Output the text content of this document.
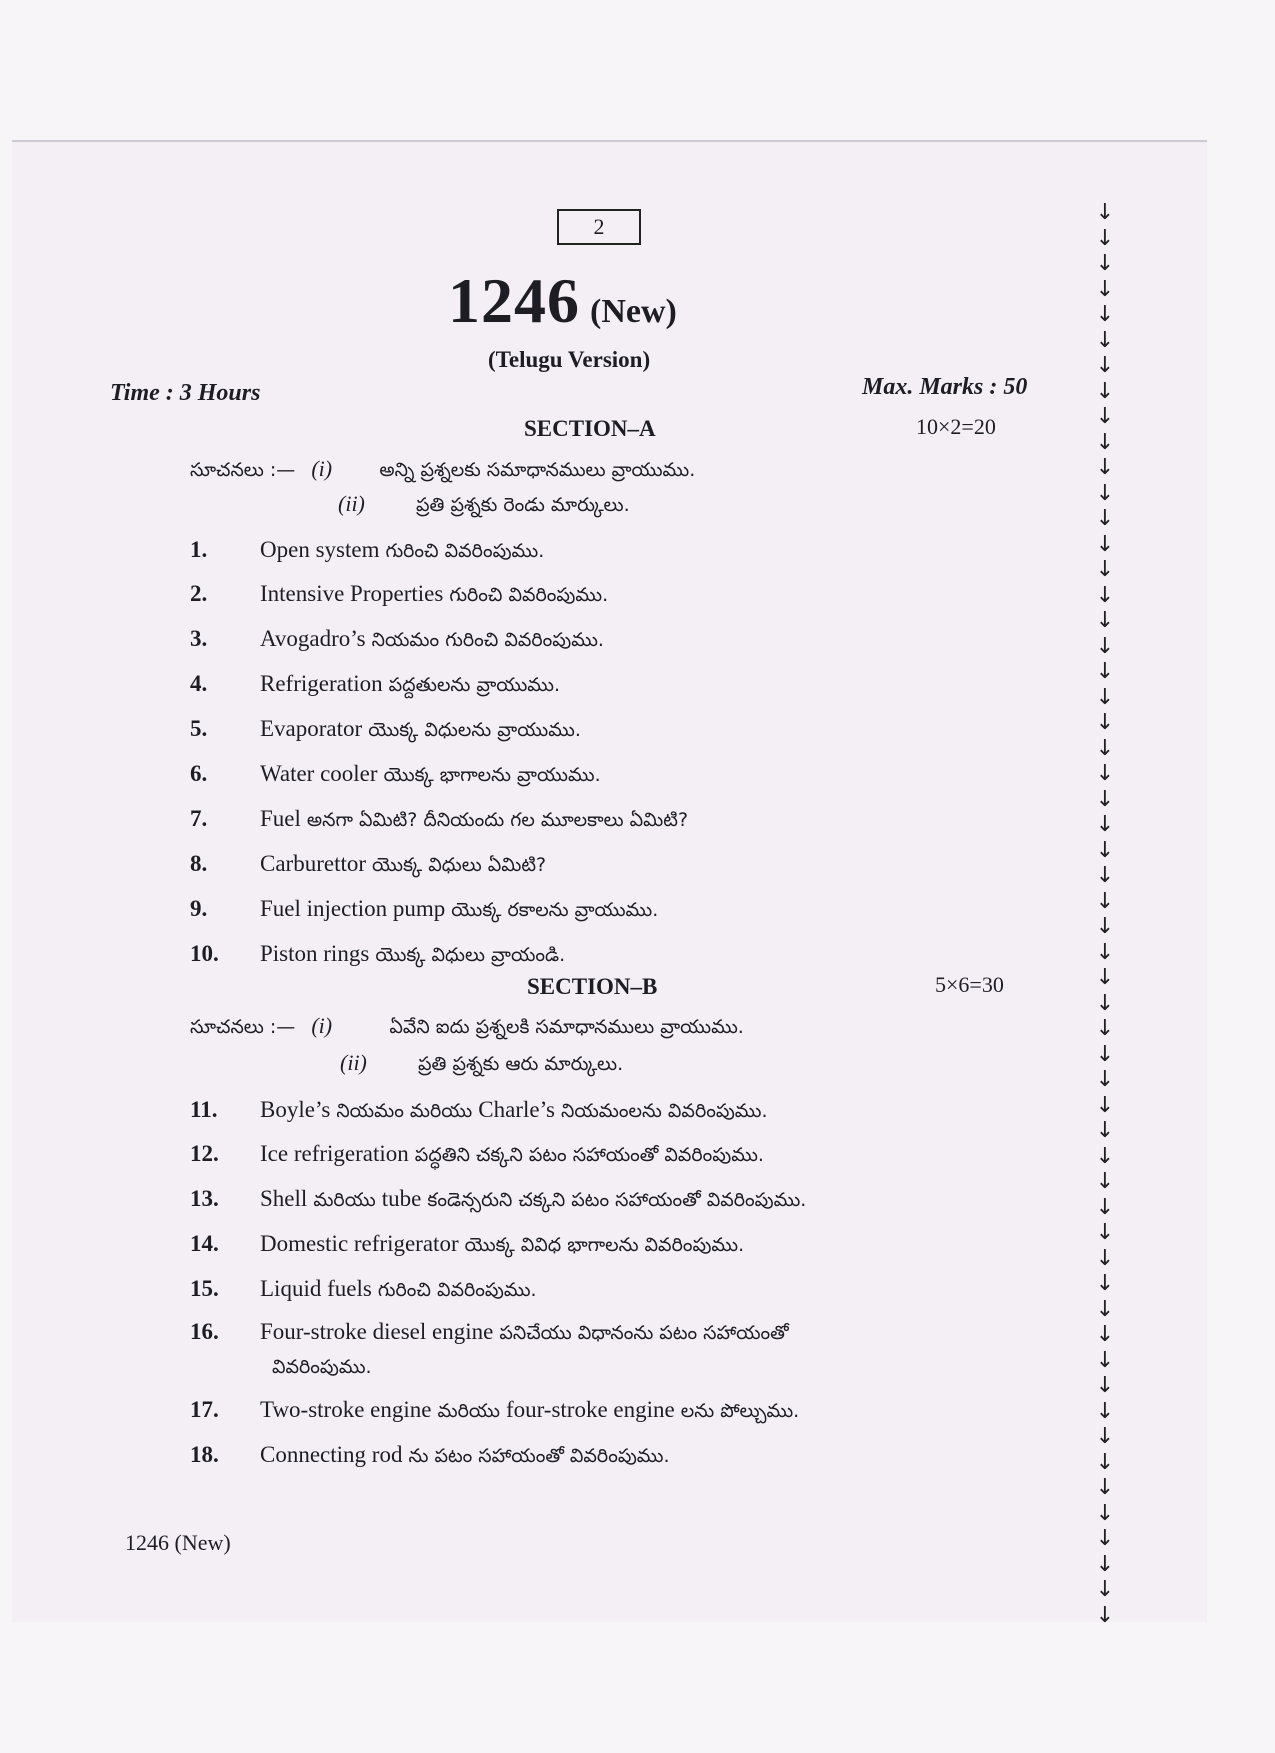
2
1246 (New)
(Telugu Version)
Time : 3 Hours	Max. Marks : 50
SECTION–A	10×2=20
సూచనలు :— (i) అన్ని ప్రశ్నలకు సమాధానములు వ్రాయుము.
(ii)	ప్రతి ప్రశ్నకు రెండు మార్కులు.
1. Open system గురించి వివరింపుము.
2. Intensive Properties గురించి వివరింపుము.
3. Avogadro’s నియమం గురించి వివరింపుము.
4. Refrigeration పద్దతులను వ్రాయుము.
5. Evaporator యొక్క విధులను వ్రాయుము.
6. Water cooler యొక్క భాగాలను వ్రాయుము.
7. Fuel అనగా ఏమిటి? దీనియందు గల మూలకాలు ఏమిటి?
8. Carburettor యొక్క విధులు ఏమిటి?
9. Fuel injection pump యొక్క రకాలను వ్రాయుము.
10. Piston rings యొక్క విధులు వ్రాయండి.
SECTION–B	5×6=30
సూచనలు :— (i)	ఏవేని ఐదు ప్రశ్నలకి సమాధానములు వ్రాయుము.
(ii)	ప్రతి ప్రశ్నకు ఆరు మార్కులు.
11. Boyle’s నియమం మరియు Charle’s నియమంలను వివరింపుము.
12. Ice refrigeration పద్ధతిని చక్కని పటం సహాయంతో వివరింపుము.
13. Shell మరియు tube కండెన్సరుని చక్కని పటం సహాయంతో వివరింపుము.
14. Domestic refrigerator యొక్క వివిధ భాగాలను వివరింపుము.
15. Liquid fuels గురించి వివరింపుము.
16. Four-stroke diesel engine పనిచేయు విధానంను పటం సహాయంతో
వివరింపుము.
17. Two-stroke engine మరియు four-stroke engine లను పోల్చుము.
18. Connecting rod ను పటం సహాయంతో వివరింపుము.
1246 (New)
↓
↓
↓
↓
↓
↓
↓
↓
↓
↓
↓
↓
↓
↓
↓
↓
↓
↓
↓
↓
↓
↓
↓
↓
↓
↓
↓
↓
↓
↓
↓
↓
↓
↓
↓
↓
↓
↓
↓
↓
↓
↓
↓
↓
↓
↓
↓
↓
↓
↓
↓
↓
↓
↓
↓
↓
